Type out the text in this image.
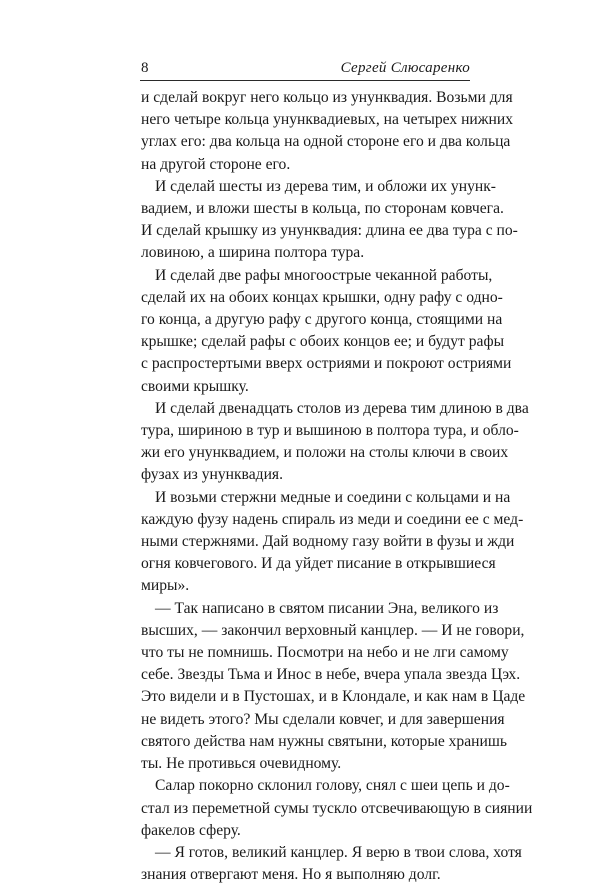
8	Сергей Слюсаренко
и сделай вокруг него кольцо из унунквадия. Возьми для
него четыре кольца унунквадиевых, на четырех нижних
углах его: два кольца на одной стороне его и два кольца
на другой стороне его.
И сделай шесты из дерева тим, и обложи их унунк-
вадием, и вложи шесты в кольца, по сторонам ковчега.
И сделай крышку из унунквадия: длина ее два тура с по-
ловиною, а ширина полтора тура.
И сделай две рафы многоострые чеканной работы,
сделай их на обоих концах крышки, одну рафу с одно-
го конца, а другую рафу с другого конца, стоящими на
крышке; сделай рафы с обоих концов ее; и будут рафы
с распростертыми вверх остриями и покроют остриями
своими крышку.
И сделай двенадцать столов из дерева тим длиною в два
тура, шириною в тур и вышиною в полтора тура, и обло-
жи его унунквадием, и положи на столы ключи в своих
фузах из унунквадия.
И возьми стержни медные и соедини с кольцами и на
каждую фузу надень спираль из меди и соедини ее с мед-
ными стержнями. Дай водному газу войти в фузы и жди
огня ковчегового. И да уйдет писание в открывшиеся
миры».
— Так написано в святом писании Эна, великого из
высших, — закончил верховный канцлер. — И не говори,
что ты не помнишь. Посмотри на небо и не лги самому
себе. Звезды Тьма и Инос в небе, вчера упала звезда Цэх.
Это видели и в Пустошах, и в Клондале, и как нам в Цаде
не видеть этого? Мы сделали ковчег, и для завершения
святого действа нам нужны святыни, которые хранишь
ты. Не противься очевидному.
Салар покорно склонил голову, снял с шеи цепь и до-
стал из переметной сумы тускло отсвечивающую в сиянии
факелов сферу.
— Я готов, великий канцлер. Я верю в твои слова, хотя
знания отвергают меня. Но я выполняю долг.
